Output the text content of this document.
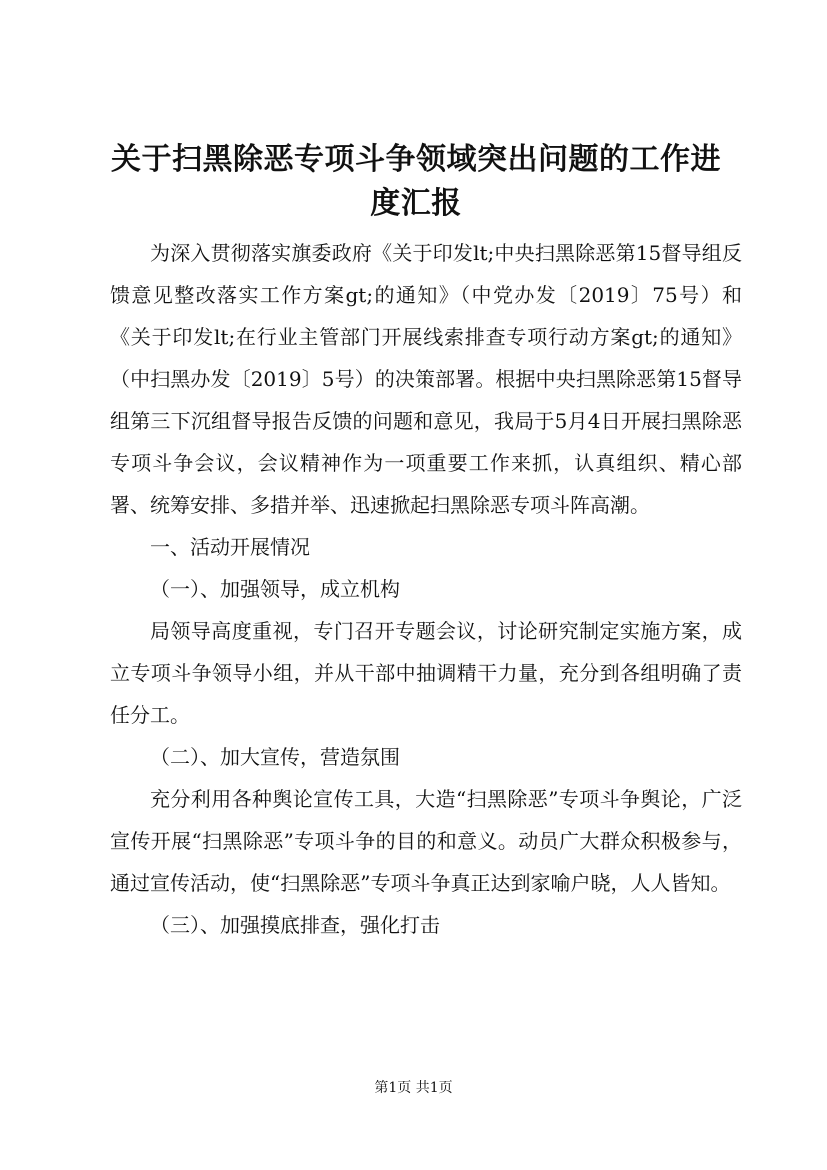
关于扫黑除恶专项斗争领域突出问题的工作进度汇报

为深入贯彻落实旗委政府《关于印发lt;中央扫黑除恶第15督导组反馈意见整改落实工作方案gt;的通知》（中党办发〔2019〕75号）和《关于印发lt;在行业主管部门开展线索排查专项行动方案gt;的通知》（中扫黑办发〔2019〕5号）的决策部署。根据中央扫黑除恶第15督导组第三下沉组督导报告反馈的问题和意见，我局于5月4日开展扫黑除恶专项斗争会议，会议精神作为一项重要工作来抓，认真组织、精心部署、统筹安排、多措并举、迅速掀起扫黑除恶专项斗阵高潮。

一、活动开展情况

（一）、加强领导，成立机构

局领导高度重视，专门召开专题会议，讨论研究制定实施方案，成立专项斗争领导小组，并从干部中抽调精干力量，充分到各组明确了责任分工。

（二）、加大宣传，营造氛围

充分利用各种舆论宣传工具，大造“扫黑除恶”专项斗争舆论，广泛宣传开展“扫黑除恶”专项斗争的目的和意义。动员广大群众积极参与，通过宣传活动，使“扫黑除恶”专项斗争真正达到家喻户晓，人人皆知。

（三）、加强摸底排查，强化打击

第1页 共1页
